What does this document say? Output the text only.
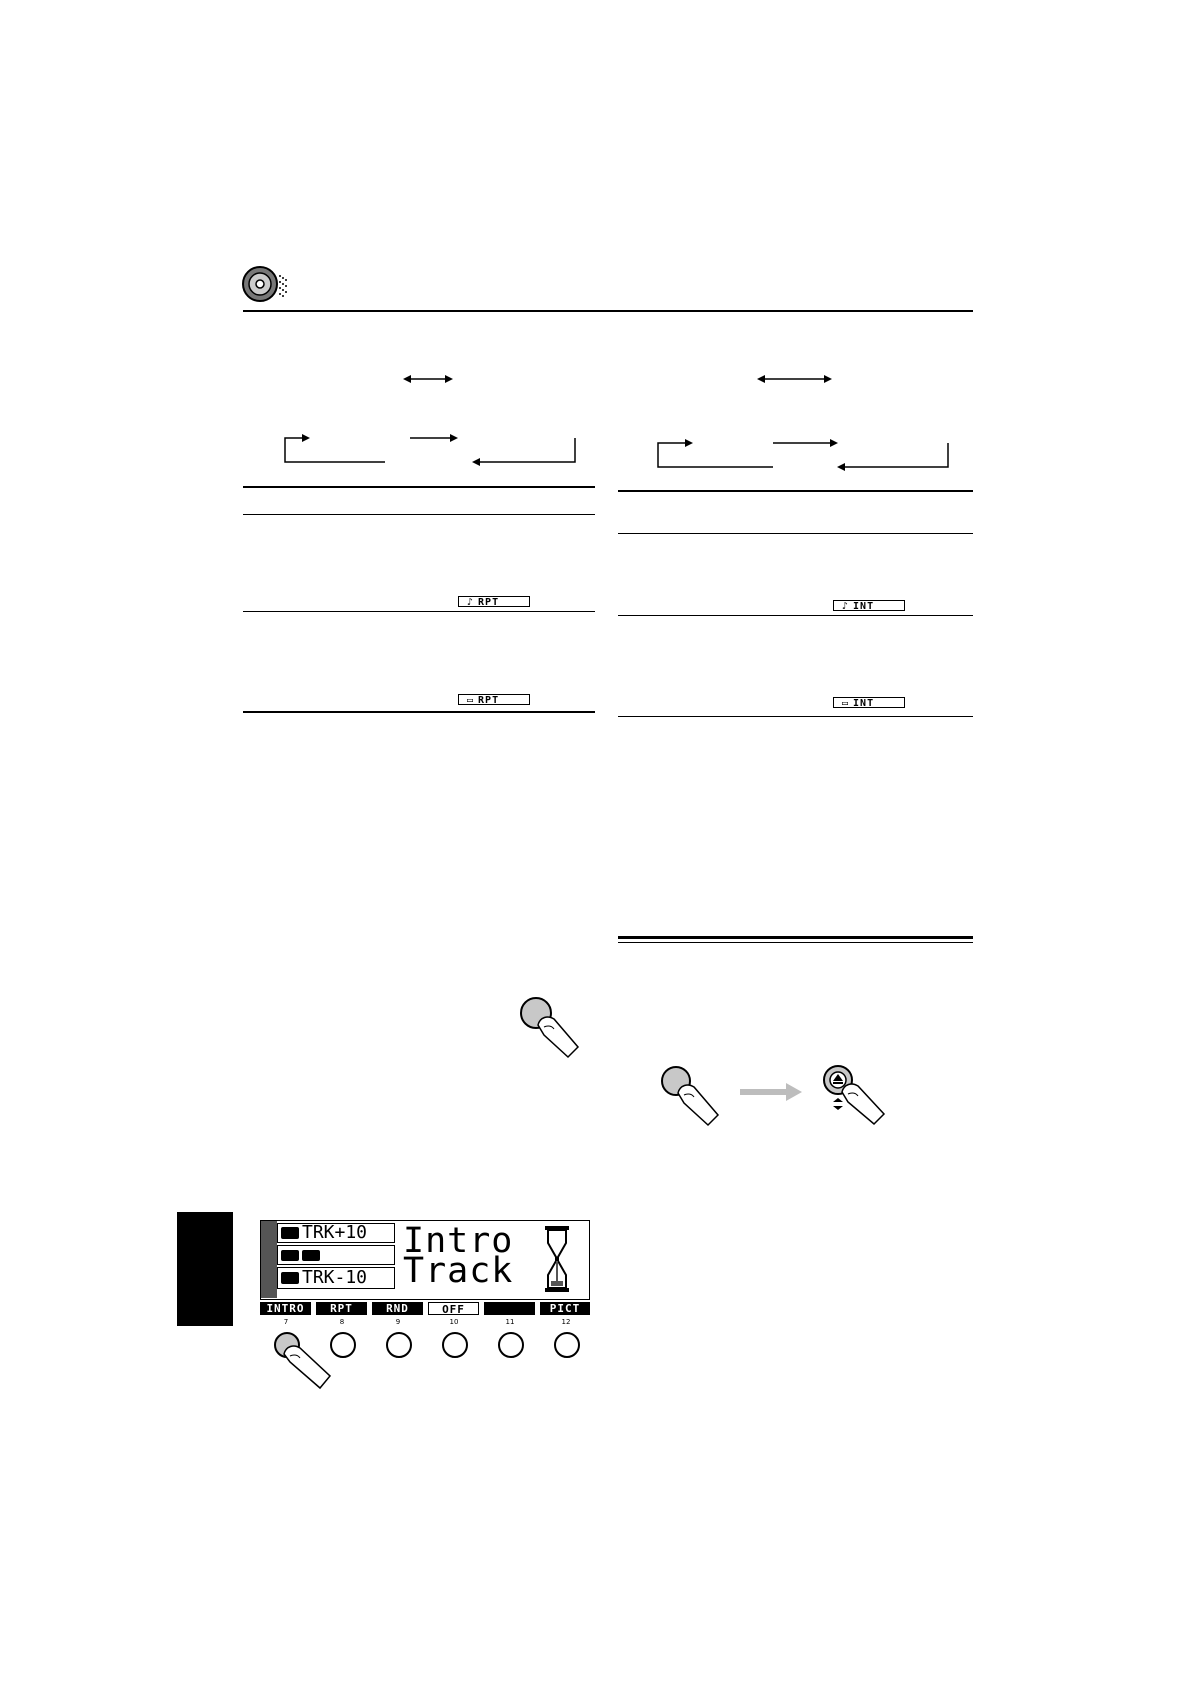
♪ RPT
▭ RPT
♪ INT
▭ INT
TRK+10
TRK-10
Intro
Track
INTRO	RPT	RND	OFF	PICT
7	8	9	10	11	12
